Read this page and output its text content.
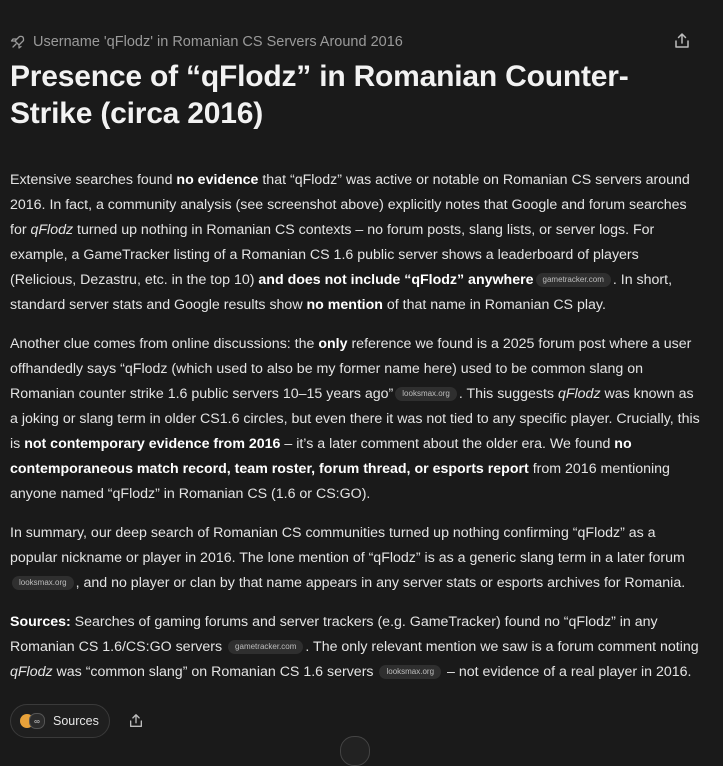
Username 'qFlodz' in Romanian CS Servers Around 2016
Presence of “qFlodz” in Romanian Counter-Strike (circa 2016)

Extensive searches found no evidence that “qFlodz” was active or notable on Romanian CS servers around 2016. In fact, a community analysis (see screenshot above) explicitly notes that Google and forum searches for qFlodz turned up nothing in Romanian CS contexts – no forum posts, slang lists, or server logs. For example, a GameTracker listing of a Romanian CS 1.6 public server shows a leaderboard of players (Relicious, Dezastru, etc. in the top 10) and does not include “qFlodz” anywhere gametracker.com . In short, standard server stats and Google results show no mention of that name in Romanian CS play.

Another clue comes from online discussions: the only reference we found is a 2025 forum post where a user offhandedly says “qFlodz (which used to also be my former name here) used to be common slang on Romanian counter strike 1.6 public servers 10–15 years ago” looksmax.org . This suggests qFlodz was known as a joking or slang term in older CS1.6 circles, but even there it was not tied to any specific player. Crucially, this is not contemporary evidence from 2016 – it’s a later comment about the older era. We found no contemporaneous match record, team roster, forum thread, or esports report from 2016 mentioning anyone named “qFlodz” in Romanian CS (1.6 or CS:GO).

In summary, our deep search of Romanian CS communities turned up nothing confirming “qFlodz” as a popular nickname or player in 2016. The lone mention of “qFlodz” is as a generic slang term in a later forum looksmax.org , and no player or clan by that name appears in any server stats or esports archives for Romania.

Sources: Searches of gaming forums and server trackers (e.g. GameTracker) found no “qFlodz” in any Romanian CS 1.6/CS:GO servers gametracker.com . The only relevant mention we saw is a forum comment noting qFlodz was “common slang” on Romanian CS 1.6 servers looksmax.org – not evidence of a real player in 2016.

∞	Sources
